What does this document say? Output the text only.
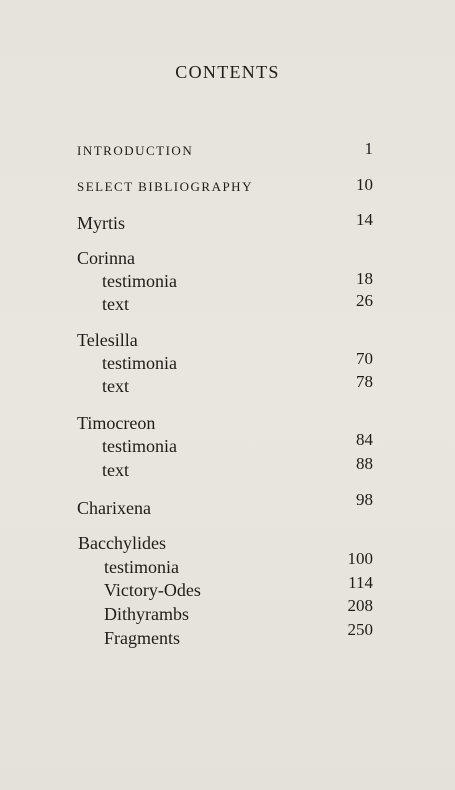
CONTENTS
INTRODUCTION	1
SELECT BIBLIOGRAPHY	10
Myrtis	14
Corinna
testimonia	18
text	26
Telesilla
testimonia	70
text	78
Timocreon
testimonia	84
text	88
Charixena	98
Bacchylides
testimonia	100
Victory-Odes	114
Dithyrambs	208
Fragments	250
